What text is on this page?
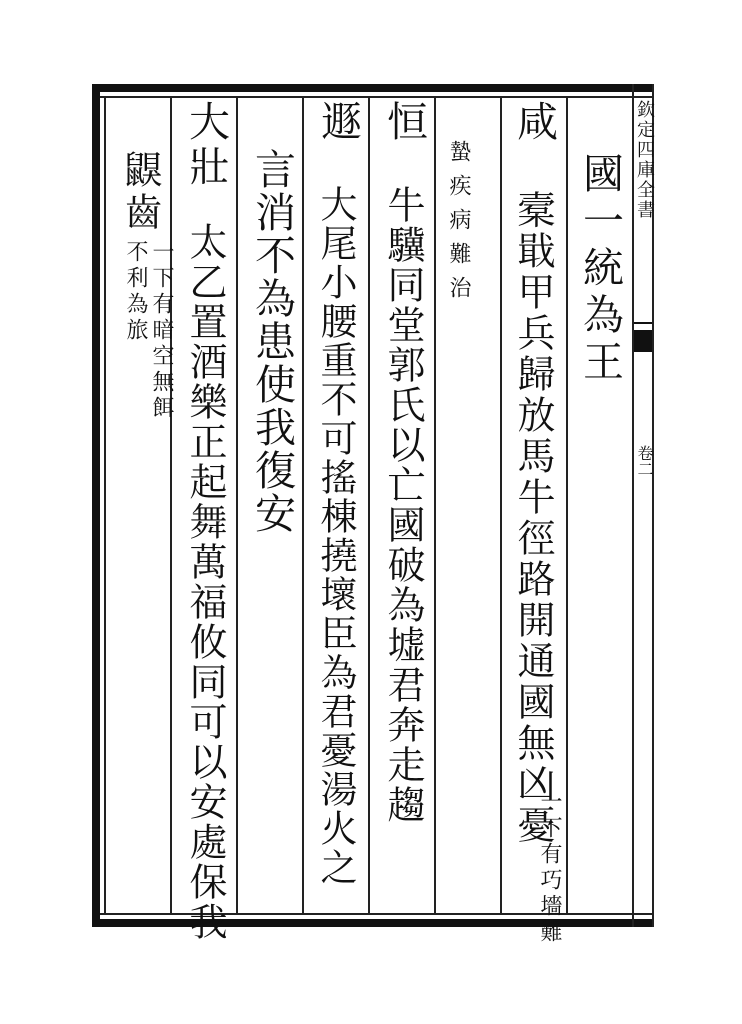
欽定四庫全書
卷二
咸
槖戢甲兵歸放馬牛徑路開通國無凶憂
一下有巧墻難
國一統為王
蟄疾病難治
恒
牛驥同堂郭氏以亡國破為墟君奔走趨
遯
大尾小腰重不可搖棟撓壞臣為君憂湯火之
言消不為患使我復安
大壯
太乙置酒樂正起舞萬福攸同可以安處保我
鼳齒
一下有暗空無餌不利為旅
